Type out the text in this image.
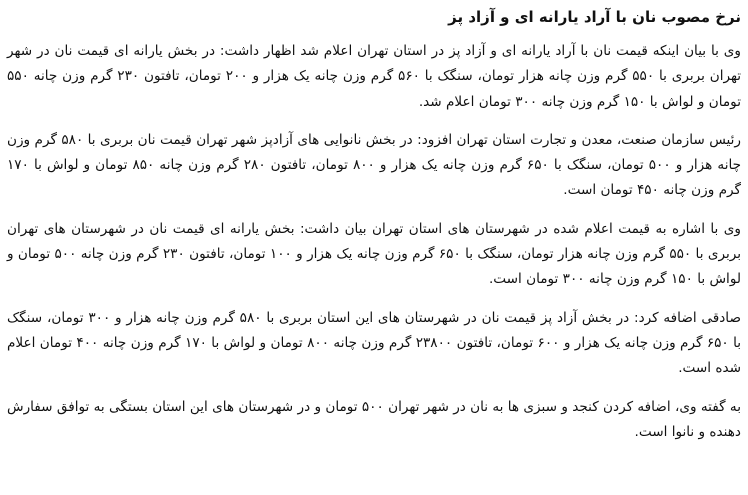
نرخ مصوب نان با آراد یارانه ای و آزاد پز

وی با بیان اینکه قیمت نان با آراد یارانه ای و آزاد پز در استان تهران اعلام شد اظهار داشت: در بخش یارانه ای قیمت نان در شهر تهران بربری با ۵۵۰ گرم وزن چانه هزار تومان، سنگک با ۵۶۰ گرم وزن چانه یک هزار و ۲۰۰ تومان، تافتون ۲۳۰ گرم وزن چانه ۵۵۰ تومان و لواش با ۱۵۰ گرم وزن چانه ۳۰۰ تومان اعلام شد.

رئیس سازمان صنعت، معدن و تجارت استان تهران افزود: در بخش نانوایی های آزادپز شهر تهران قیمت نان بربری با ۵۸۰ گرم وزن چانه هزار و ۵۰۰ تومان، سنگک با ۶۵۰ گرم وزن چانه یک هزار و ۸۰۰ تومان، تافتون ۲۸۰ گرم وزن چانه ۸۵۰ تومان و لواش با ۱۷۰ گرم وزن چانه ۴۵۰ تومان است.

وی با اشاره به قیمت اعلام شده در شهرستان های استان تهران بیان داشت: بخش یارانه ای قیمت نان در شهرستان های تهران بربری با ۵۵۰ گرم وزن چانه هزار تومان، سنگک با ۶۵۰ گرم وزن چانه یک هزار و ۱۰۰ تومان، تافتون ۲۳۰ گرم وزن چانه ۵۰۰ تومان و لواش با ۱۵۰ گرم وزن چانه ۳۰۰ تومان است.

صادقی اضافه کرد: در بخش آزاد پز قیمت نان در شهرستان های این استان بربری با ۵۸۰ گرم وزن چانه هزار و ۳۰۰ تومان، سنگک با ۶۵۰ گرم وزن چانه یک هزار و ۶۰۰ تومان، تافتون ۲۳۸۰۰ گرم وزن چانه ۸۰۰ تومان و لواش با ۱۷۰ گرم وزن چانه ۴۰۰ تومان اعلام شده است.

به گفته وی، اضافه کردن کنجد و سبزی ها به نان در شهر تهران ۵۰۰ تومان و در شهرستان های این استان بستگی به توافق سفارش دهنده و نانوا است.
